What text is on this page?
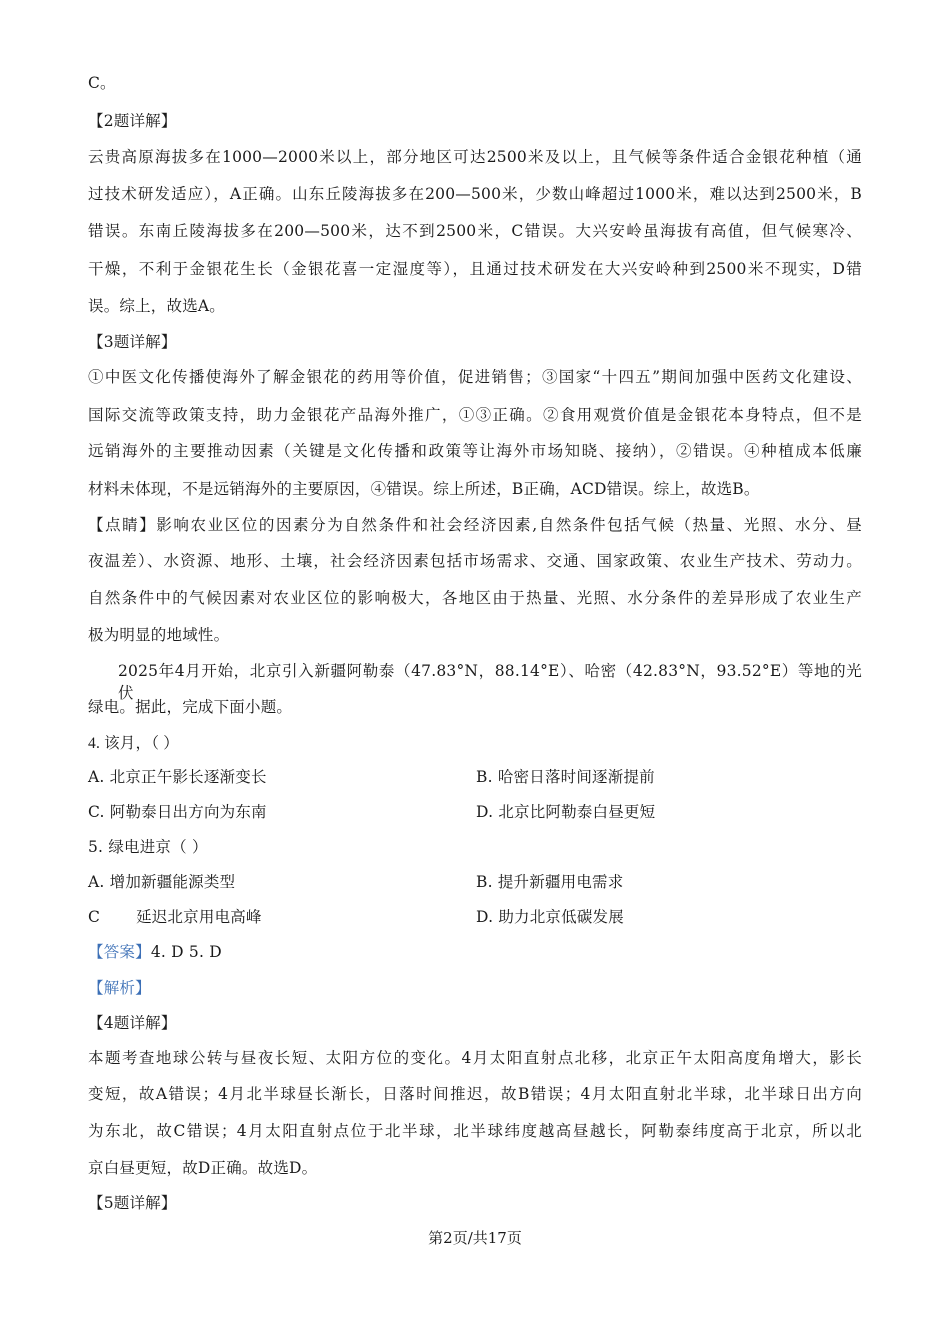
C。
【2题详解】
云贵高原海拔多在1000—2000米以上，部分地区可达2500米及以上，且气候等条件适合金银花种植（通
过技术研发适应），A正确。山东丘陵海拔多在200—500米，少数山峰超过1000米，难以达到2500米，B
错误。东南丘陵海拔多在200—500米，达不到2500米，C错误。大兴安岭虽海拔有高值，但气候寒冷、
干燥，不利于金银花生长（金银花喜一定湿度等），且通过技术研发在大兴安岭种到2500米不现实，D错
误。综上，故选A。
【3题详解】
①中医文化传播使海外了解金银花的药用等价值，促进销售；③国家“十四五”期间加强中医药文化建设、
国际交流等政策支持，助力金银花产品海外推广，①③正确。②食用观赏价值是金银花本身特点，但不是
远销海外的主要推动因素（关键是文化传播和政策等让海外市场知晓、接纳），②错误。④种植成本低廉
材料未体现，不是远销海外的主要原因，④错误。综上所述，B正确，ACD错误。综上，故选B。
【点睛】影响农业区位的因素分为自然条件和社会经济因素,自然条件包括气候（热量、光照、水分、昼
夜温差）、水资源、地形、土壤，社会经济因素包括市场需求、交通、国家政策、农业生产技术、劳动力。
自然条件中的气候因素对农业区位的影响极大，各地区由于热量、光照、水分条件的差异形成了农业生产
极为明显的地域性。
2025年4月开始，北京引入新疆阿勒泰（47.83°N，88.14°E）、哈密（42.83°N，93.52°E）等地的光伏
绿电。据此，完成下面小题。
4. 该月，（ ）
A. 北京正午影长逐渐变长	B. 哈密日落时间逐渐提前
C. 阿勒泰日出方向为东南	D. 北京比阿勒泰白昼更短
5. 绿电进京（ ）
A. 增加新疆能源类型	B. 提升新疆用电需求
C 延迟北京用电高峰	D. 助力北京低碳发展
【答案】4. D 5. D
【解析】
【4题详解】
本题考查地球公转与昼夜长短、太阳方位的变化。4月太阳直射点北移，北京正午太阳高度角增大，影长
变短，故A错误；4月北半球昼长渐长，日落时间推迟，故B错误；4月太阳直射北半球，北半球日出方向
为东北，故C错误；4月太阳直射点位于北半球，北半球纬度越高昼越长，阿勒泰纬度高于北京，所以北
京白昼更短，故D正确。故选D。
【5题详解】
第2页/共17页
